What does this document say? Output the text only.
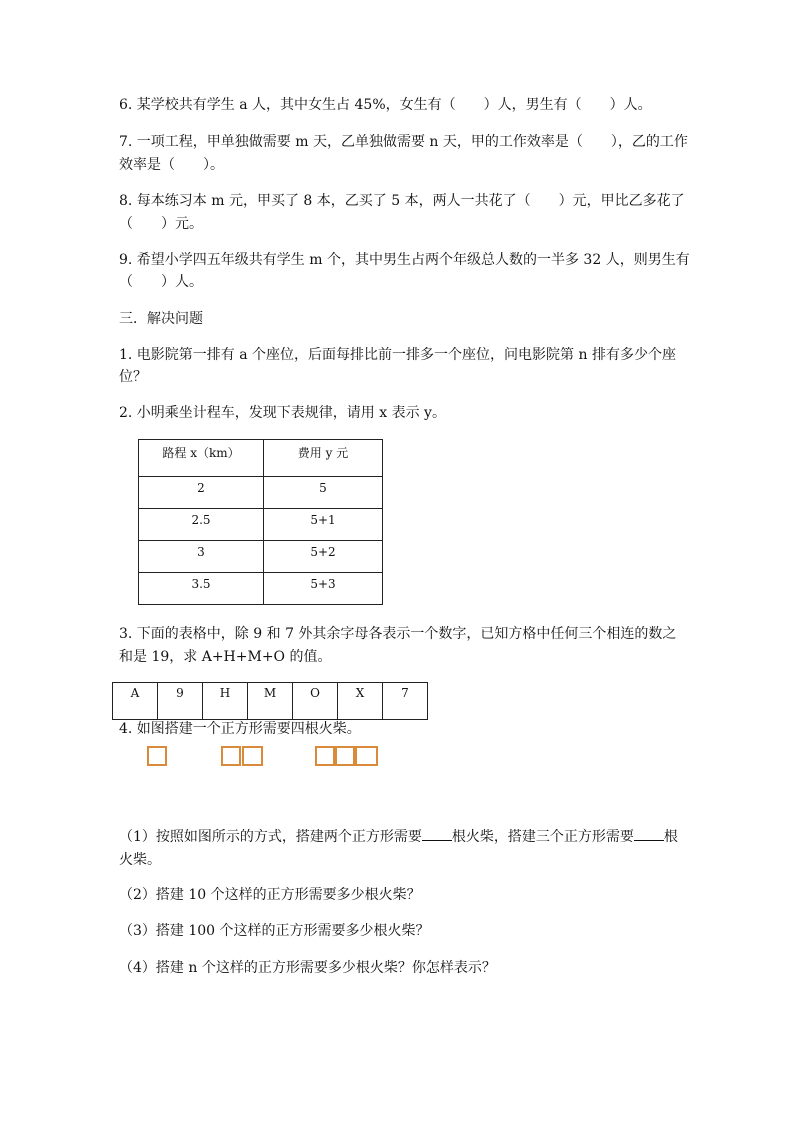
6. 某学校共有学生 a 人，其中女生占 45%，女生有（　　）人，男生有（　　）人。
7. 一项工程，甲单独做需要 m 天，乙单独做需要 n 天，甲的工作效率是（　　），乙的工作
效率是（　　）。
8. 每本练习本 m 元，甲买了 8 本，乙买了 5 本，两人一共花了（　　）元，甲比乙多花了
（　　）元。
9. 希望小学四五年级共有学生 m 个，其中男生占两个年级总人数的一半多 32 人，则男生有
（　　）人。
三．解决问题
1. 电影院第一排有 a 个座位，后面每排比前一排多一个座位，问电影院第 n 排有多少个座
位？
2. 小明乘坐计程车，发现下表规律，请用 x 表示 y。
路程 x（km）	费用 y 元
2	5
2.5	5+1
3	5+2
3.5	5+3
3. 下面的表格中，除 9 和 7 外其余字母各表示一个数字，已知方格中任何三个相连的数之
和是 19，求 A+H+M+O 的值。
A	9	H	M	O	X	7
4. 如图搭建一个正方形需要四根火柴。
（1）按照如图所示的方式，搭建两个正方形需要 根火柴，搭建三个正方形需要 根
火柴。
（2）搭建 10 个这样的正方形需要多少根火柴？
（3）搭建 100 个这样的正方形需要多少根火柴？
（4）搭建 n 个这样的正方形需要多少根火柴？你怎样表示？
